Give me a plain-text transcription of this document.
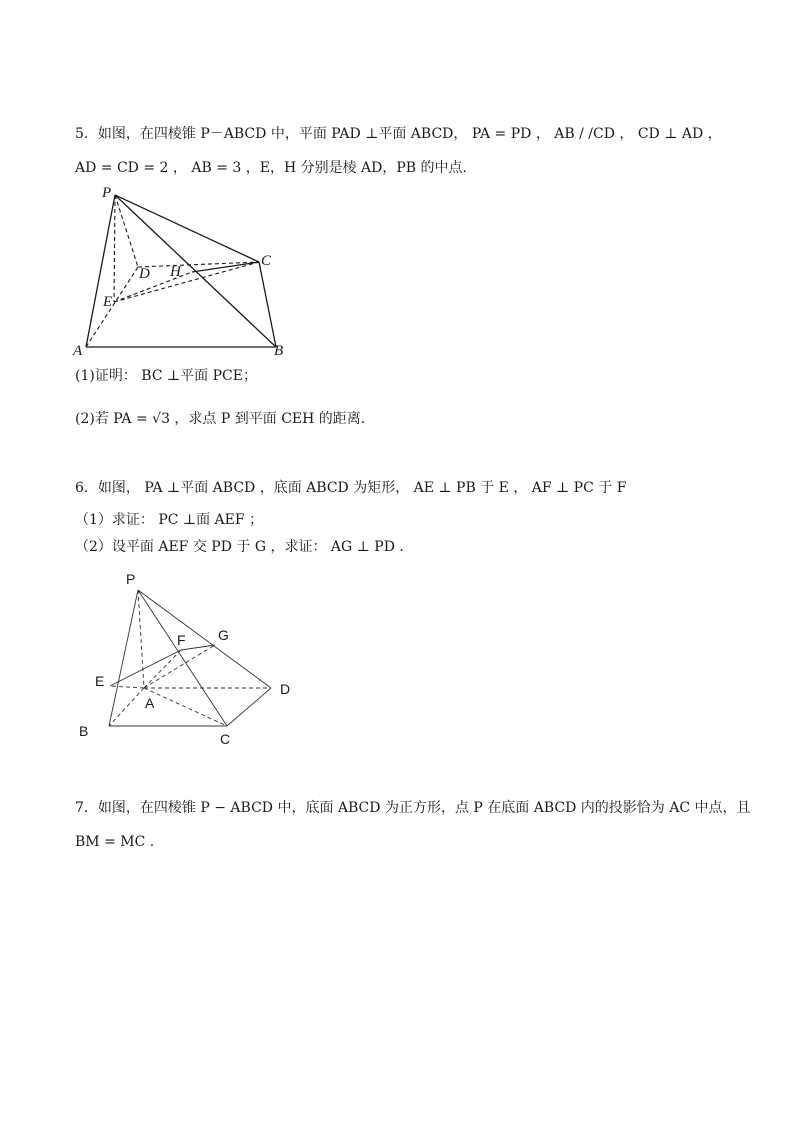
5．如图，在四棱锥 P－ABCD 中，平面 PAD ⊥平面 ABCD， PA = PD ， AB / /CD ， CD ⊥ AD ，
AD = CD = 2 ， AB = 3 ，E，H 分别是棱 AD，PB 的中点.
P
A	B
C
D
E
H
(1)证明： BC ⊥平面 PCE；
(2)若 PA = √3 ，求点 P 到平面 CEH 的距离.
6．如图， PA ⊥平面 ABCD ，底面 ABCD 为矩形， AE ⊥ PB 于 E ， AF ⊥ PC 于 F
（1）求证： PC ⊥面 AEF ；
（2）设平面 AEF 交 PD 于 G ，求证： AG ⊥ PD .
P
A
B	C
D
E
F G
7．如图，在四棱锥 P − ABCD 中，底面 ABCD 为正方形，点 P 在底面 ABCD 内的投影恰为 AC 中点，且
BM = MC .
